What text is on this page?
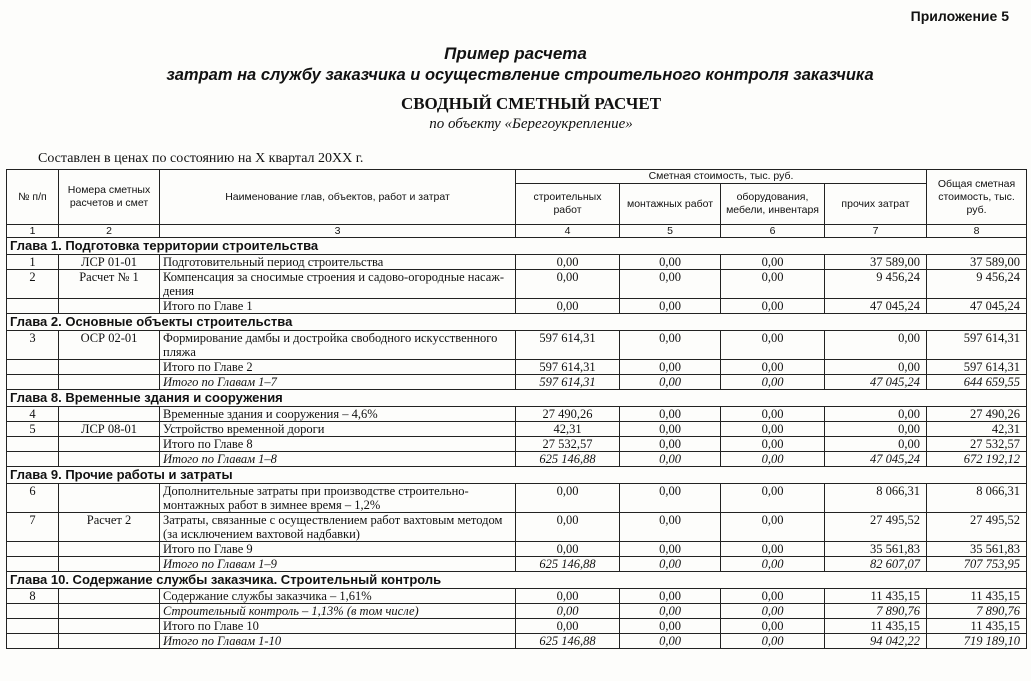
Приложение 5
Пример расчета
затрат на службу заказчика и осуществление строительного контроля заказчика
СВОДНЫЙ СМЕТНЫЙ РАСЧЕТ
по объекту «Берегоукрепление»
Составлен в ценах по состоянию на X квартал 20XX г.
№ п/п	Номера сметных расчетов и смет	Наименование глав, объектов, работ и затрат	Сметная стоимость, тыс. руб.				Общая сметная стоимость, тыс. руб.
			строительных работ	монтажных работ	оборудования, мебели, инвентаря	прочих затрат	
1	2	3	4	5	6	7	8
Глава 1. Подготовка территории строительства							
1	ЛСР 01-01	Подготовительный период строительства	0,00	0,00	0,00	37 589,00	37 589,00
2	Расчет № 1	Компенсация за сносимые строения и садово-огородные насаж-дения	0,00	0,00	0,00	9 456,24	9 456,24
		Итого по Главе 1	0,00	0,00	0,00	47 045,24	47 045,24
Глава 2. Основные объекты строительства							
3	ОСР 02-01	Формирование дамбы и достройка свободного искусственного пляжа	597 614,31	0,00	0,00	0,00	597 614,31
		Итого по Главе 2	597 614,31	0,00	0,00	0,00	597 614,31
		Итого по Главам 1–7	597 614,31	0,00	0,00	47 045,24	644 659,55
Глава 8. Временные здания и сооружения							
4		Временные здания и сооружения – 4,6%	27 490,26	0,00	0,00	0,00	27 490,26
5	ЛСР 08-01	Устройство временной дороги	42,31	0,00	0,00	0,00	42,31
		Итого по Главе 8	27 532,57	0,00	0,00	0,00	27 532,57
		Итого по Главам 1–8	625 146,88	0,00	0,00	47 045,24	672 192,12
Глава 9. Прочие работы и затраты							
6		Дополнительные затраты при производстве строительно-монтажных работ в зимнее время – 1,2%	0,00	0,00	0,00	8 066,31	8 066,31
7	Расчет 2	Затраты, связанные с осуществлением работ вахтовым методом (за исключением вахтовой надбавки)	0,00	0,00	0,00	27 495,52	27 495,52
		Итого по Главе 9	0,00	0,00	0,00	35 561,83	35 561,83
		Итого по Главам 1–9	625 146,88	0,00	0,00	82 607,07	707 753,95
Глава 10. Содержание службы заказчика. Строительный контроль							
8		Содержание службы заказчика – 1,61%	0,00	0,00	0,00	11 435,15	11 435,15
		Строительный контроль – 1,13% (в том числе)	0,00	0,00	0,00	7 890,76	7 890,76
		Итого по Главе 10	0,00	0,00	0,00	11 435,15	11 435,15
		Итого по Главам 1-10	625 146,88	0,00	0,00	94 042,22	719 189,10
